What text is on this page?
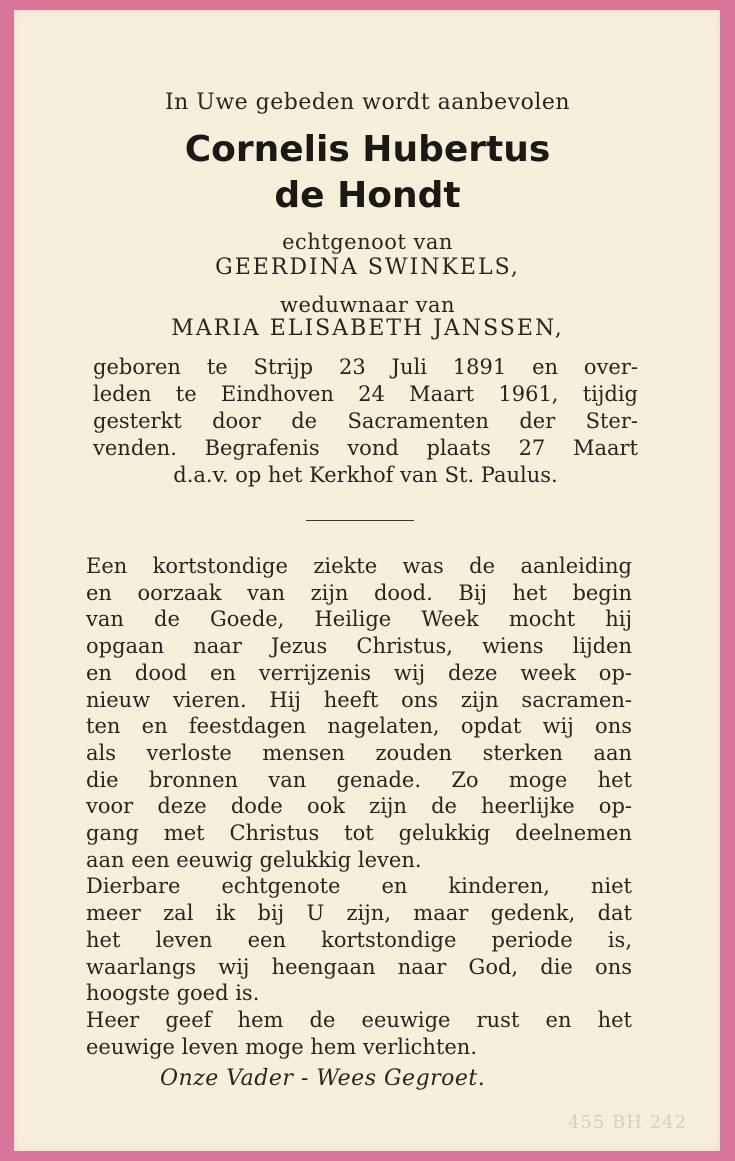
In Uwe gebeden wordt aanbevolen
Cornelis Hubertus
de Hondt
echtgenoot van
GEERDINA SWINKELS,
weduwnaar van
MARIA ELISABETH JANSSEN,
geboren te Strijp 23 Juli 1891 en over-
leden te Eindhoven 24 Maart 1961, tijdig
gesterkt door de Sacramenten der Ster-
venden. Begrafenis vond plaats 27 Maart
d.a.v. op het Kerkhof van St. Paulus.
Een kortstondige ziekte was de aanleiding
en oorzaak van zijn dood. Bij het begin
van de Goede, Heilige Week mocht hij
opgaan naar Jezus Christus, wiens lijden
en dood en verrijzenis wij deze week op-
nieuw vieren. Hij heeft ons zijn sacramen-
ten en feestdagen nagelaten, opdat wij ons
als verloste mensen zouden sterken aan
die bronnen van genade. Zo moge het
voor deze dode ook zijn de heerlijke op-
gang met Christus tot gelukkig deelnemen
aan een eeuwig gelukkig leven.
Dierbare echtgenote en kinderen, niet
meer zal ik bij U zijn, maar gedenk, dat
het leven een kortstondige periode is,
waarlangs wij heengaan naar God, die ons
hoogste goed is.
Heer geef hem de eeuwige rust en het
eeuwige leven moge hem verlichten.
Onze Vader - Wees Gegroet.
455 BH 242
